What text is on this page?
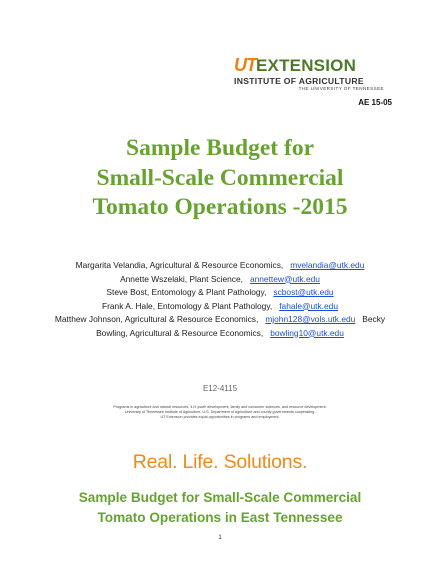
UT EXTENSION
INSTITUTE OF AGRICULTURE
THE UNIVERSITY OF TENNESSEE
AE 15-05
Sample Budget for
Small-Scale Commercial
Tomato Operations -2015
Margarita Velandia, Agricultural & Resource Economics, mvelandia@utk.edu
Annette Wszelaki, Plant Science, annettew@utk.edu
Steve Bost, Entomology & Plant Pathology, scbost@utk.edu
Frank A. Hale, Entomology & Plant Pathology, fahale@utk.edu
Matthew Johnson, Agricultural & Resource Economics, mjohn128@vols.utk.edu Becky
Bowling, Agricultural & Resource Economics, bowling10@utk.edu
E12-4115
Programs in agriculture and natural resources, 4-H youth development, family and consumer sciences, and resource development.
University of Tennessee Institute of Agriculture, U.S. Department of Agriculture and county governments cooperating.
UT Extension provides equal opportunities in programs and employment.
Real. Life. Solutions.
Sample Budget for Small-Scale Commercial
Tomato Operations in East Tennessee
1
